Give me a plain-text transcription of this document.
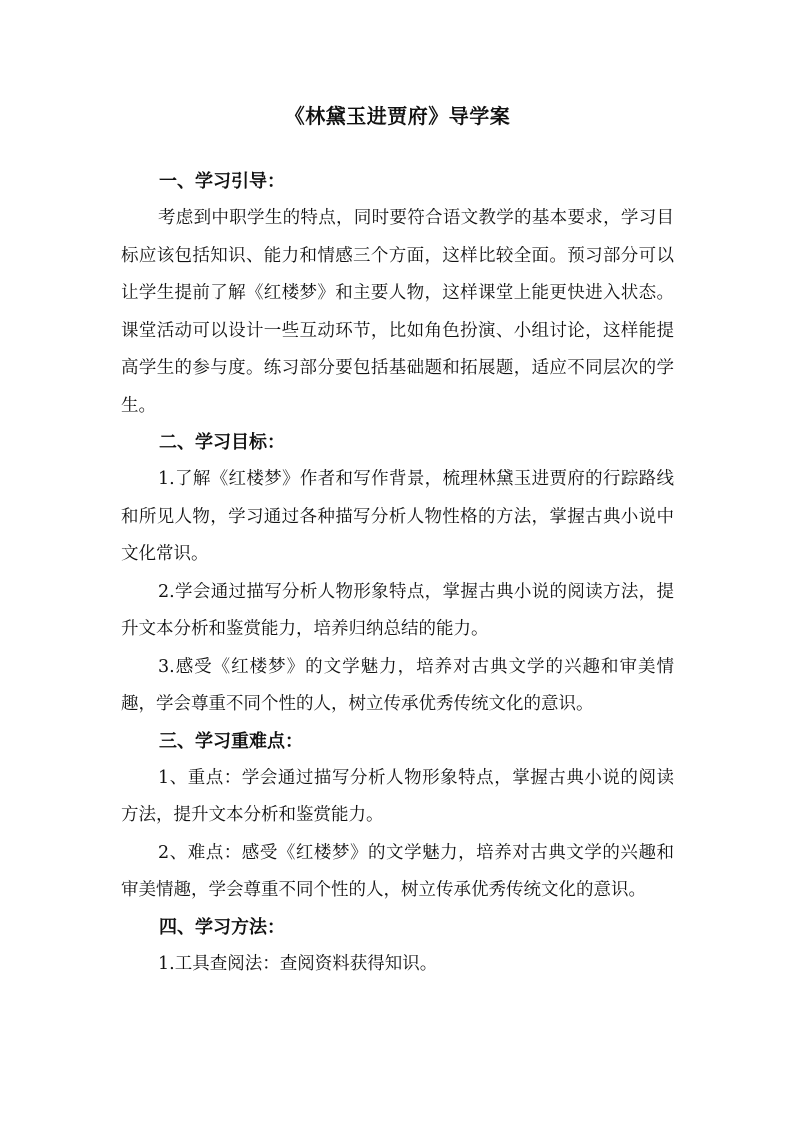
《林黛玉进贾府》导学案
一、学习引导：

考虑到中职学生的特点，同时要符合语文教学的基本要求，学习目标应该包括知识、能力和情感三个方面，这样比较全面。预习部分可以让学生提前了解《红楼梦》和主要人物，这样课堂上能更快进入状态。课堂活动可以设计一些互动环节，比如角色扮演、小组讨论，这样能提高学生的参与度。练习部分要包括基础题和拓展题，适应不同层次的学生。

二、学习目标：

1.了解《红楼梦》作者和写作背景，梳理林黛玉进贾府的行踪路线和所见人物，学习通过各种描写分析人物性格的方法，掌握古典小说中文化常识。

2.学会通过描写分析人物形象特点，掌握古典小说的阅读方法，提升文本分析和鉴赏能力，培养归纳总结的能力。

3.感受《红楼梦》的文学魅力，培养对古典文学的兴趣和审美情趣，学会尊重不同个性的人，树立传承优秀传统文化的意识。

三、学习重难点：

1、重点：学会通过描写分析人物形象特点，掌握古典小说的阅读方法，提升文本分析和鉴赏能力。

2、难点：感受《红楼梦》的文学魅力，培养对古典文学的兴趣和审美情趣，学会尊重不同个性的人，树立传承优秀传统文化的意识。

四、学习方法：

1.工具查阅法：查阅资料获得知识。
